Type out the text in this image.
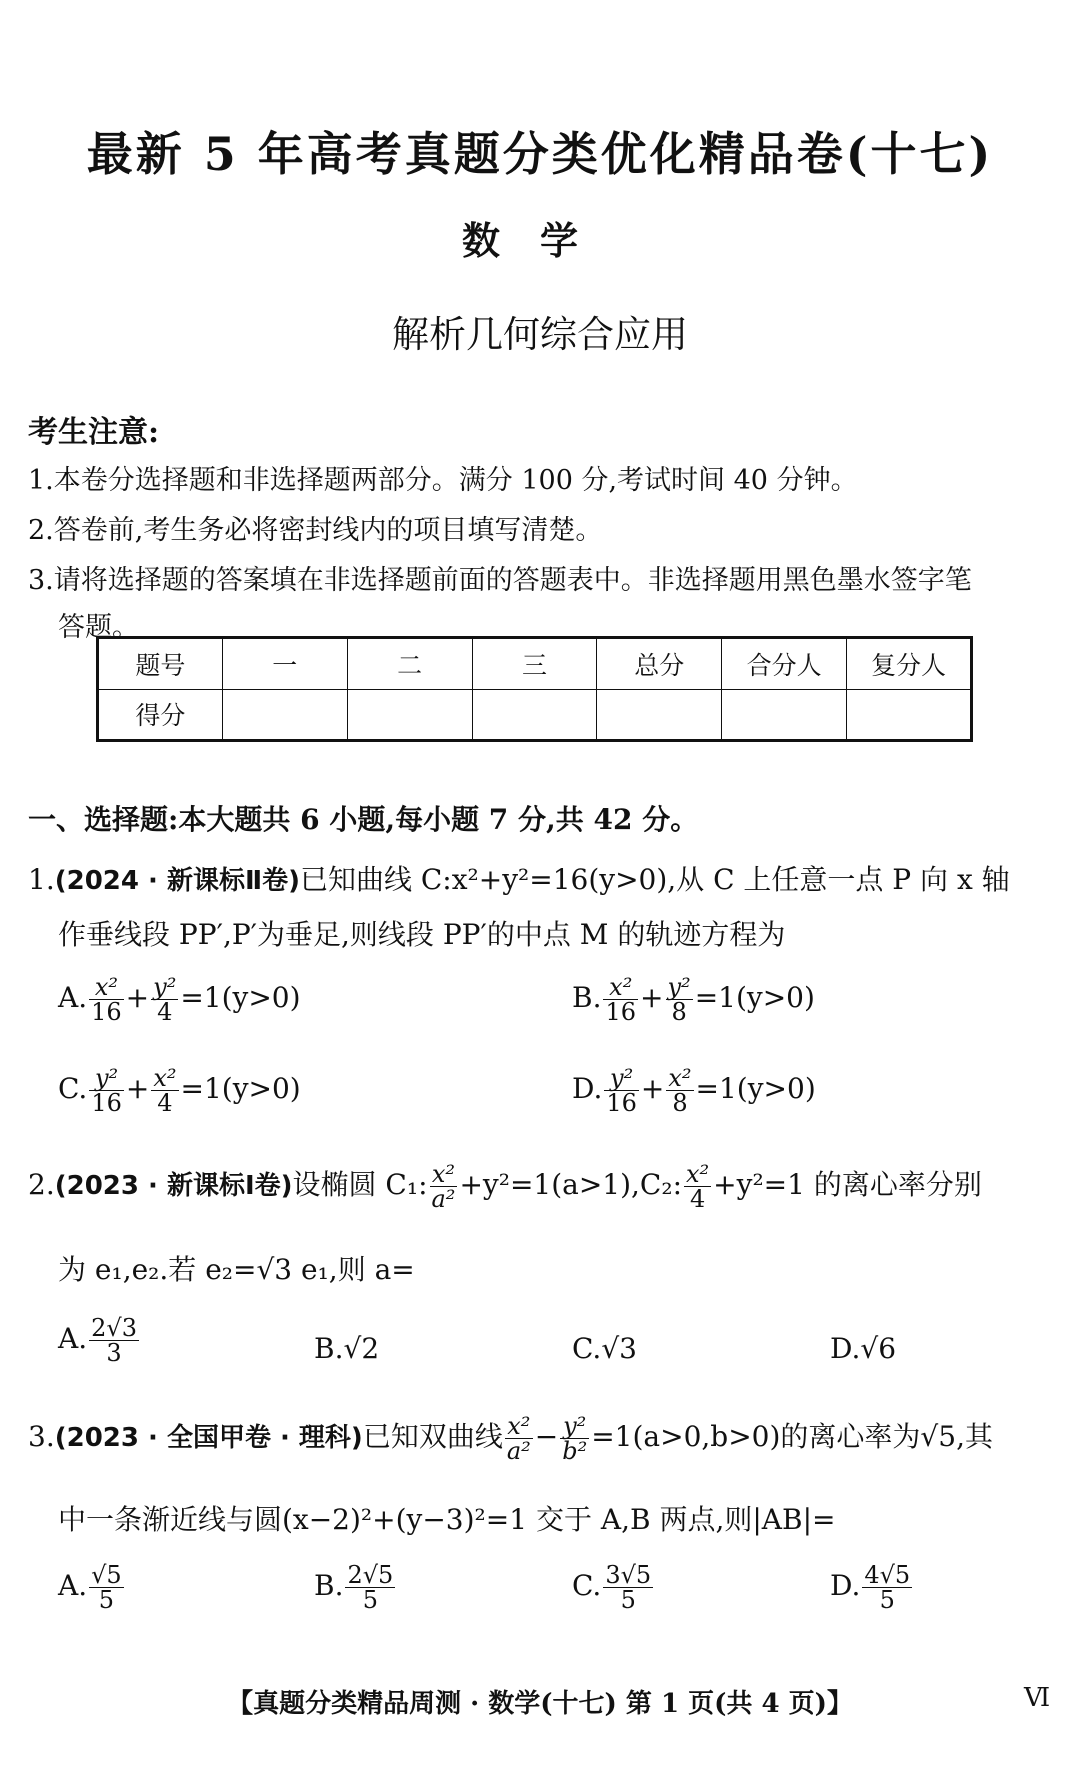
最新 5 年高考真题分类优化精品卷(十七)
数学
解析几何综合应用
考生注意:
1.本卷分选择题和非选择题两部分。满分 100 分,考试时间 40 分钟。
2.答卷前,考生务必将密封线内的项目填写清楚。
3.请将选择题的答案填在非选择题前面的答题表中。非选择题用黑色墨水签字笔
答题。
题号	一	二	三	总分	合分人	复分人
得分						
一、选择题:本大题共 6 小题,每小题 7 分,共 42 分。
1.(2024 · 新课标Ⅱ卷)已知曲线 C:x²+y²=16(y>0),从 C 上任意一点 P 向 x 轴
作垂线段 PP′,P′为垂足,则线段 PP′的中点 M 的轨迹方程为
A. $\frac{\text{x²}}{16} + \frac{\text{y²}}{4} =1(y>0)$	B. $\frac{\text{x²}}{16} + \frac{\text{y²}}{8} =1(y>0)$
C. $\frac{\text{y²}}{16} + \frac{\text{x²}}{4} =1(y>0)$	D. $\frac{\text{y²}}{16} + \frac{\text{x²}}{8} =1(y>0)$
2.(2023 · 新课标Ⅰ卷)设椭圆 C₁: $\frac{\text{x²}}{\text{a²}} +y^2=1(a>1),C_2$: $\frac{\text{x²}}{4} +y^2=1$ 的离心率分别
为 e₁,e₂.若 e₂=√3 e₁,则 a=
A. $\frac{2√3}{3}$	B.√2	C.√3	D.√6
3.(2023 · 全国甲卷 · 理科)已知双曲线 $\frac{\text{x²}}{\text{a²}} - \frac{\text{y²}}{\text{b²}} =1(a>0,b>0)$的离心率为√5,其
中一条渐近线与圆(x−2)²+(y−3)²=1 交于 A,B 两点,则|AB|=
A. $\frac{√5}{5}$	B. $\frac{2√5}{5}$	C. $\frac{3√5}{5}$	D. $\frac{4√5}{5}$
【真题分类精品周测 · 数学(十七) 第 1 页(共 4 页)】	Ⅵ
